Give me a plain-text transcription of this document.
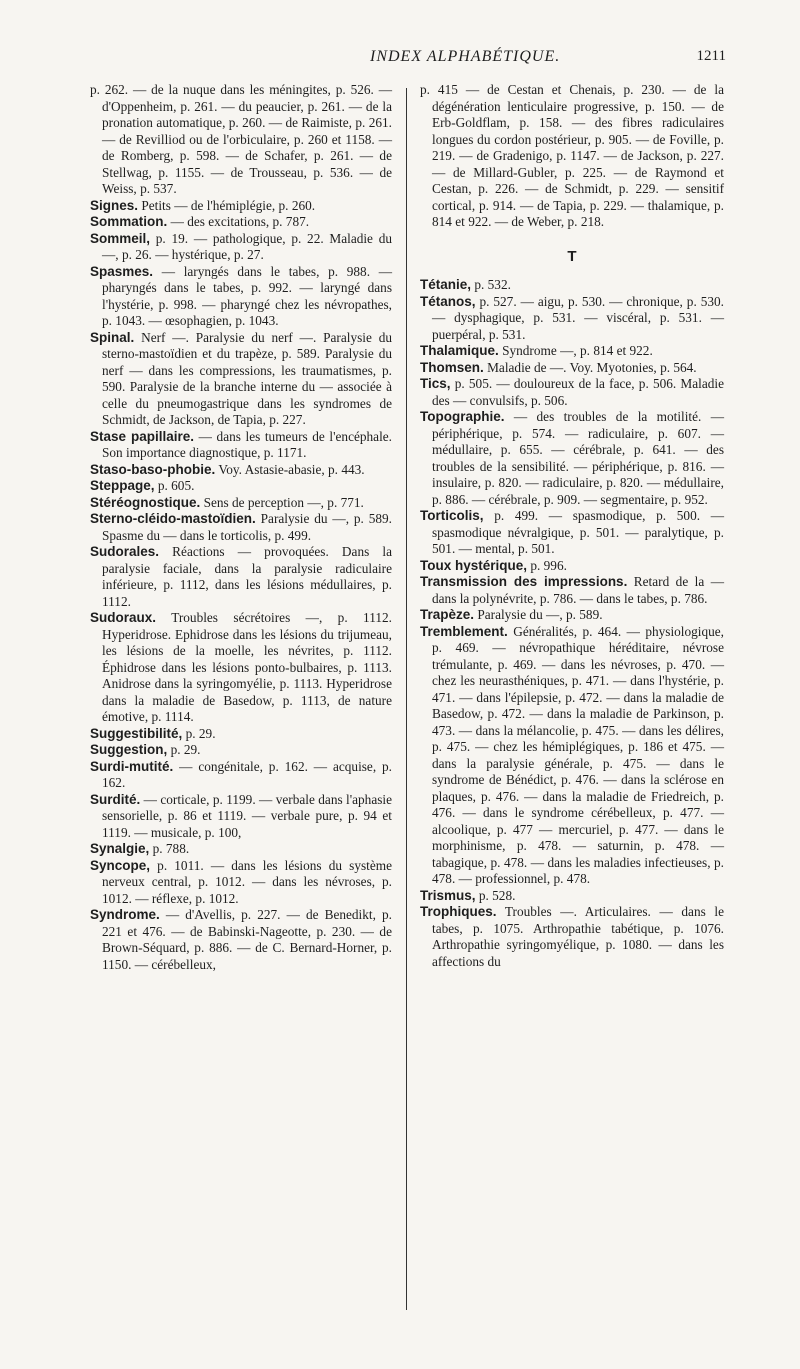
INDEX ALPHABÉTIQUE.	1211

p. 262. — de la nuque dans les méningites, p. 526. — d'Oppenheim, p. 261. — du peaucier, p. 261. — de la pronation automatique, p. 260. — de Raimiste, p. 261. — de Revilliod ou de l'orbiculaire, p. 260 et 1158. — de Romberg, p. 598. — de Schafer, p. 261. — de Stellwag, p. 1155. — de Trousseau, p. 536. — de Weiss, p. 537.

Signes. Petits — de l'hémiplégie, p. 260.

Sommation. — des excitations, p. 787.

Sommeil, p. 19. — pathologique, p. 22. Maladie du —, p. 26. — hystérique, p. 27.

Spasmes. — laryngés dans le tabes, p. 988. — pharyngés dans le tabes, p. 992. — laryngé dans l'hystérie, p. 998. — pharyngé chez les névropathes, p. 1043. — œsophagien, p. 1043.

Spinal. Nerf —. Paralysie du nerf —. Paralysie du sterno-mastoïdien et du trapèze, p. 589. Paralysie du nerf — dans les compressions, les traumatismes, p. 590. Paralysie de la branche interne du — associée à celle du pneumogastrique dans les syndromes de Schmidt, de Jackson, de Tapia, p. 227.

Stase papillaire. — dans les tumeurs de l'encéphale. Son importance diagnostique, p. 1171.

Staso-baso-phobie. Voy. Astasie-abasie, p. 443.

Steppage, p. 605.

Stéréognostique. Sens de perception —, p. 771.

Sterno-cléido-mastoïdien. Paralysie du —, p. 589. Spasme du — dans le torticolis, p. 499.

Sudorales. Réactions — provoquées. Dans la paralysie faciale, dans la paralysie radiculaire inférieure, p. 1112, dans les lésions médullaires, p. 1112.

Sudoraux. Troubles sécrétoires —, p. 1112. Hyperidrose. Ephidrose dans les lésions du trijumeau, les lésions de la moelle, les névrites, p. 1112. Éphidrose dans les lésions ponto-bulbaires, p. 1113. Anidrose dans la syringomyélie, p. 1113. Hyperidrose dans la maladie de Basedow, p. 1113, de nature émotive, p. 1114.

Suggestibilité, p. 29.

Suggestion, p. 29.

Surdi-mutité. — congénitale, p. 162. — acquise, p. 162.

Surdité. — corticale, p. 1199. — verbale dans l'aphasie sensorielle, p. 86 et 1119. — verbale pure, p. 94 et 1119. — musicale, p. 100,

Synalgie, p. 788.

Syncope, p. 1011. — dans les lésions du système nerveux central, p. 1012. — dans les névroses, p. 1012. — réflexe, p. 1012.

Syndrome. — d'Avellis, p. 227. — de Benedikt, p. 221 et 476. — de Babinski-Nageotte, p. 230. — de Brown-Séquard, p. 886. — de C. Bernard-Horner, p. 1150. — cérébelleux,

p. 415 — de Cestan et Chenais, p. 230. — de la dégénération lenticulaire progressive, p. 150. — de Erb-Goldflam, p. 158. — des fibres radiculaires longues du cordon postérieur, p. 905. — de Foville, p. 219. — de Gradenigo, p. 1147. — de Jackson, p. 227. — de Millard-Gubler, p. 225. — de Raymond et Cestan, p. 226. — de Schmidt, p. 229. — sensitif cortical, p. 914. — de Tapia, p. 229. — thalamique, p. 814 et 922. — de Weber, p. 218.

T

Tétanie, p. 532.

Tétanos, p. 527. — aigu, p. 530. — chronique, p. 530. — dysphagique, p. 531. — viscéral, p. 531. — puerpéral, p. 531.

Thalamique. Syndrome —, p. 814 et 922.

Thomsen. Maladie de —. Voy. Myotonies, p. 564.

Tics, p. 505. — douloureux de la face, p. 506. Maladie des — convulsifs, p. 506.

Topographie. — des troubles de la motilité. — périphérique, p. 574. — radiculaire, p. 607. — médullaire, p. 655. — cérébrale, p. 641. — des troubles de la sensibilité. — périphérique, p. 816. — insulaire, p. 820. — radiculaire, p. 820. — médullaire, p. 886. — cérébrale, p. 909. — segmentaire, p. 952.

Torticolis, p. 499. — spasmodique, p. 500. — spasmodique névralgique, p. 501. — paralytique, p. 501. — mental, p. 501.

Toux hystérique, p. 996.

Transmission des impressions. Retard de la — dans la polynévrite, p. 786. — dans le tabes, p. 786.

Trapèze. Paralysie du —, p. 589.

Tremblement. Généralités, p. 464. — physiologique, p. 469. — névropathique héréditaire, névrose trémulante, p. 469. — dans les névroses, p. 470. — chez les neurasthéniques, p. 471. — dans l'hystérie, p. 471. — dans l'épilepsie, p. 472. — dans la maladie de Basedow, p. 472. — dans la maladie de Parkinson, p. 473. — dans la mélancolie, p. 475. — dans les délires, p. 475. — chez les hémiplégiques, p. 186 et 475. — dans la paralysie générale, p. 475. — dans le syndrome de Bénédict, p. 476. — dans la sclérose en plaques, p. 476. — dans la maladie de Friedreich, p. 476. — dans le syndrome cérébelleux, p. 477. — alcoolique, p. 477 — mercuriel, p. 477. — dans le morphinisme, p. 478. — saturnin, p. 478. — tabagique, p. 478. — dans les maladies infectieuses, p. 478. — professionnel, p. 478.

Trismus, p. 528.

Trophiques. Troubles —. Articulaires. — dans le tabes, p. 1075. Arthropathie tabétique, p. 1076. Arthropathie syringomyélique, p. 1080. — dans les affections du
